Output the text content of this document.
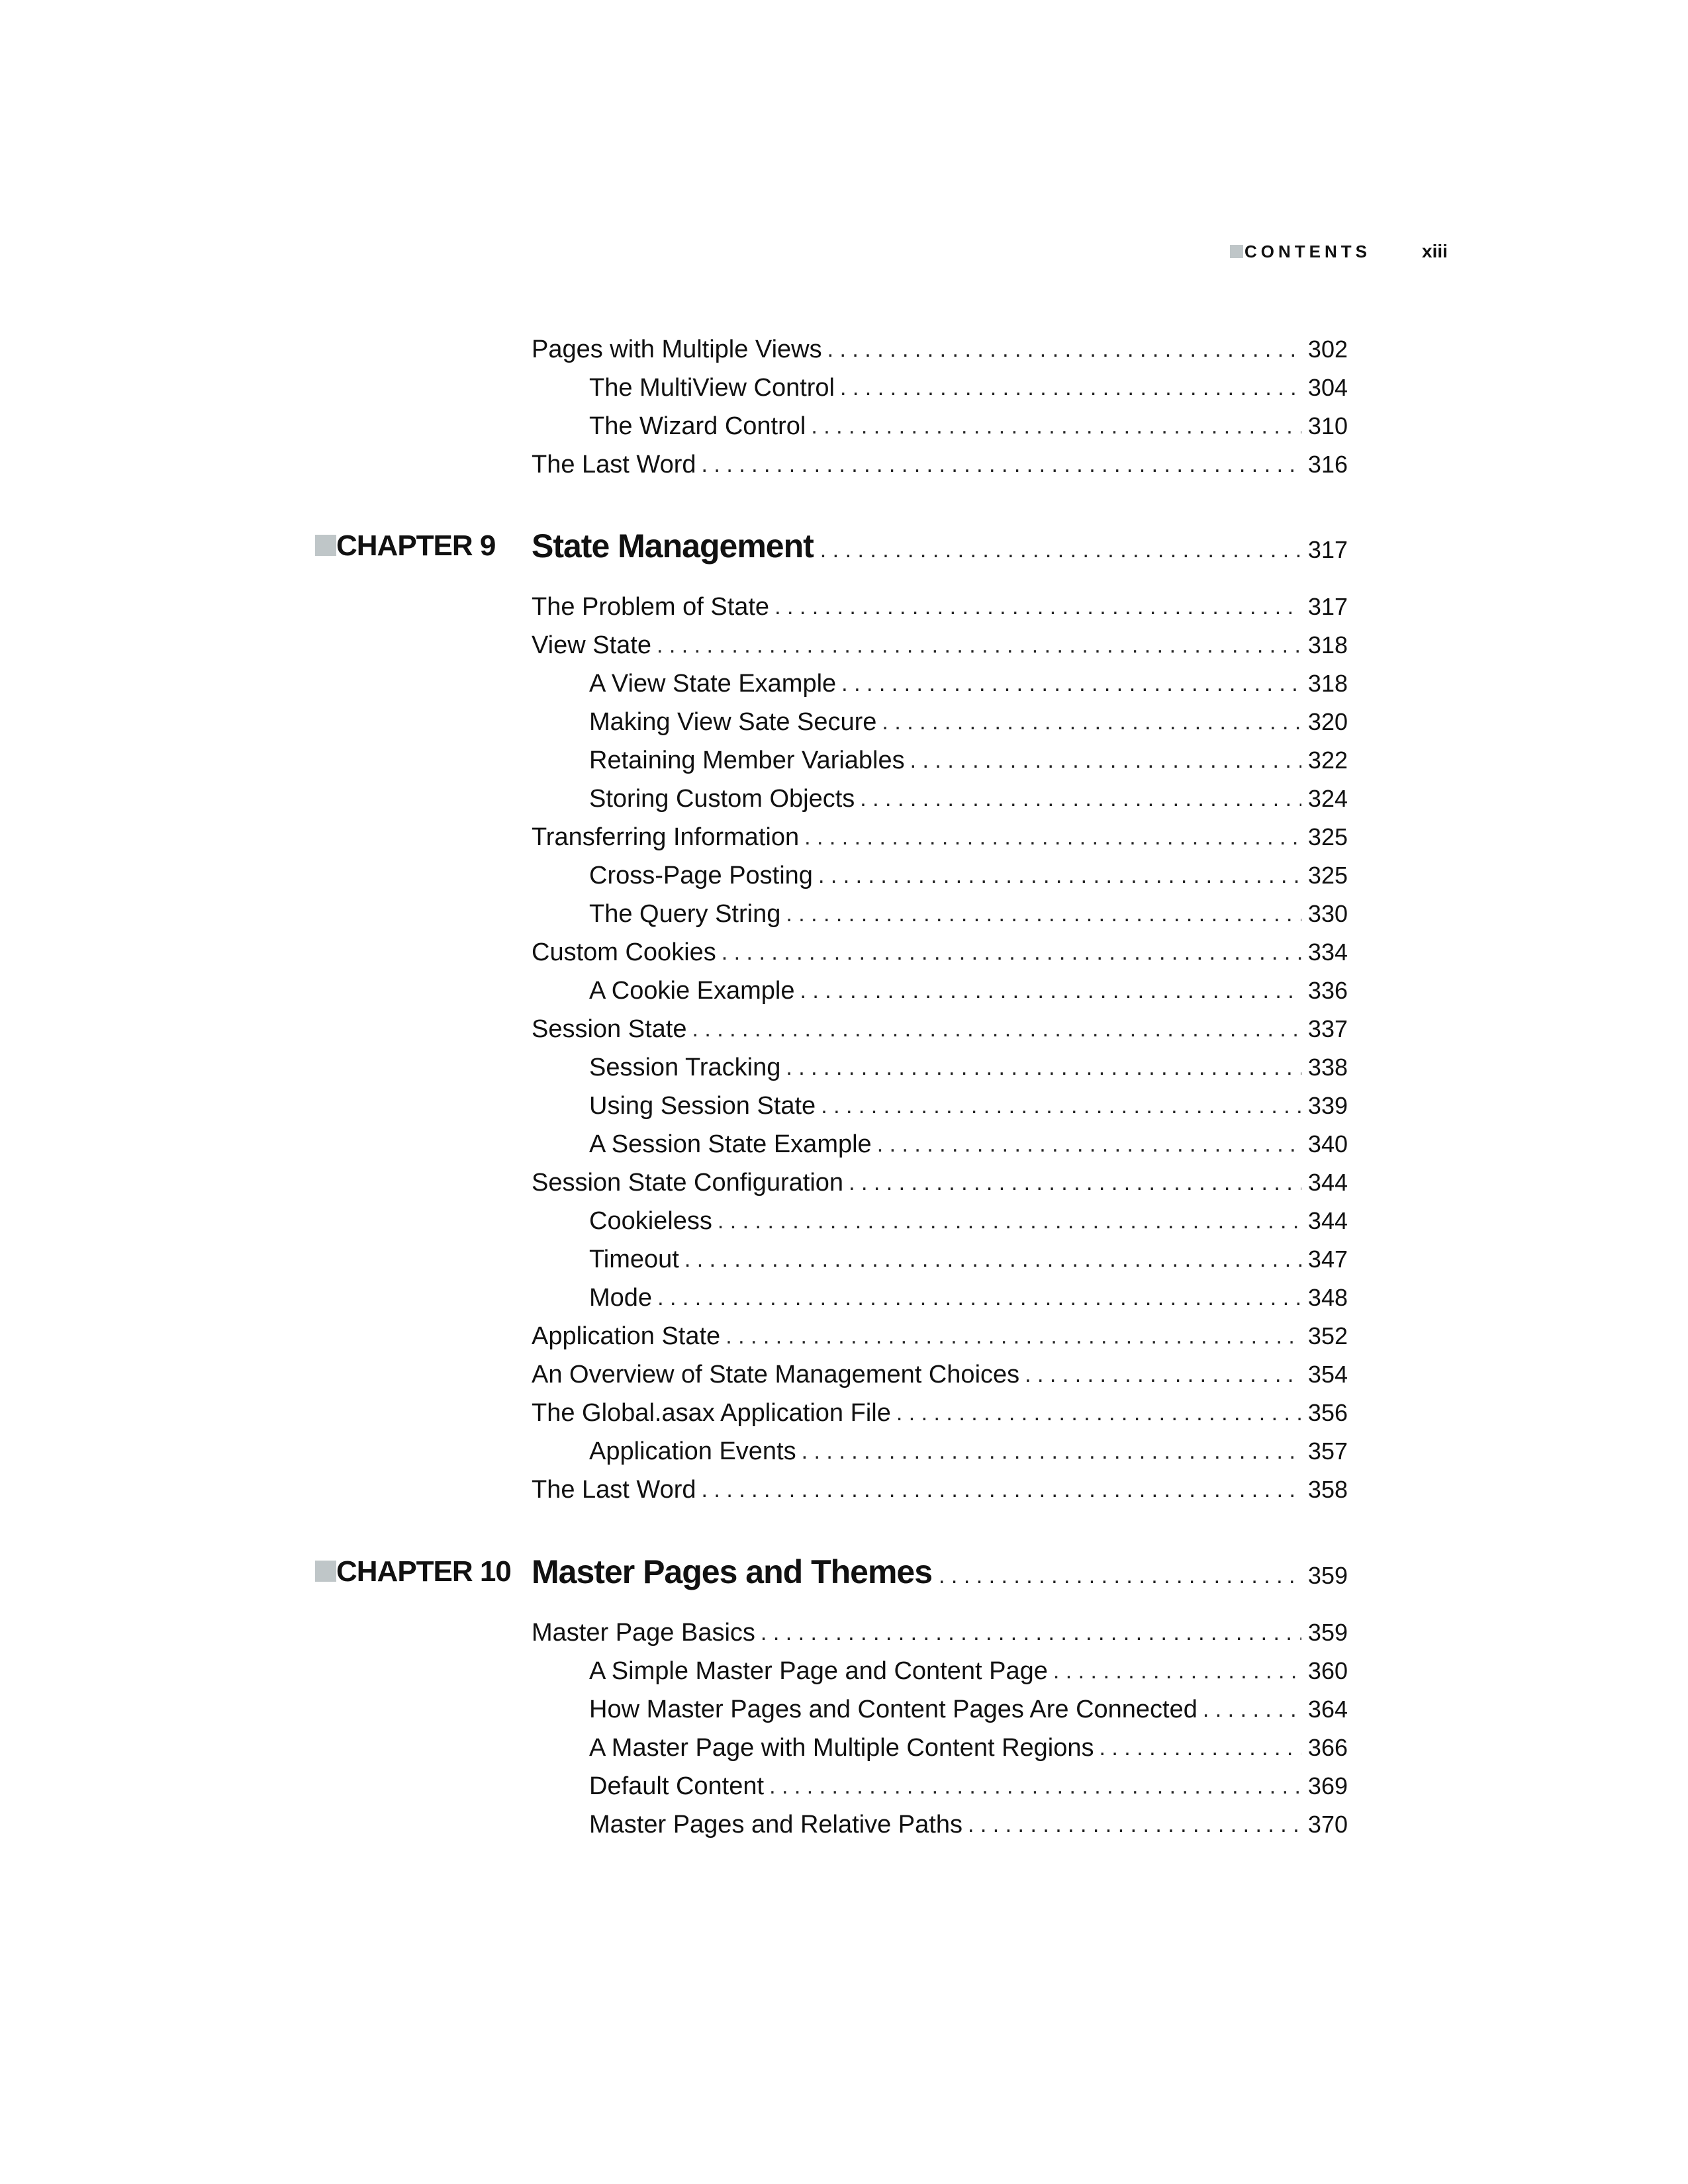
CONTENTS	xiii
Pages with Multiple Views . . .	302
The MultiView Control . . .	304
The Wizard Control . . .	310
The Last Word . . .	316
CHAPTER 9 State Management . . .	317
The Problem of State . . .	317
View State . . .	318
A View State Example . . .	318
Making View Sate Secure . . .	320
Retaining Member Variables . . .	322
Storing Custom Objects . . .	324
Transferring Information . . .	325
Cross-Page Posting . . .	325
The Query String . . .	330
Custom Cookies . . .	334
A Cookie Example . . .	336
Session State . . .	337
Session Tracking . . .	338
Using Session State . . .	339
A Session State Example . . .	340
Session State Configuration . . .	344
Cookieless . . .	344
Timeout . . .	347
Mode . . .	348
Application State . . .	352
An Overview of State Management Choices . . .	354
The Global.asax Application File . . .	356
Application Events . . .	357
The Last Word . . .	358
CHAPTER 10 Master Pages and Themes . . .	359
Master Page Basics . . .	359
A Simple Master Page and Content Page . . .	360
How Master Pages and Content Pages Are Connected . . .	364
A Master Page with Multiple Content Regions . . .	366
Default Content . . .	369
Master Pages and Relative Paths . . .	370
